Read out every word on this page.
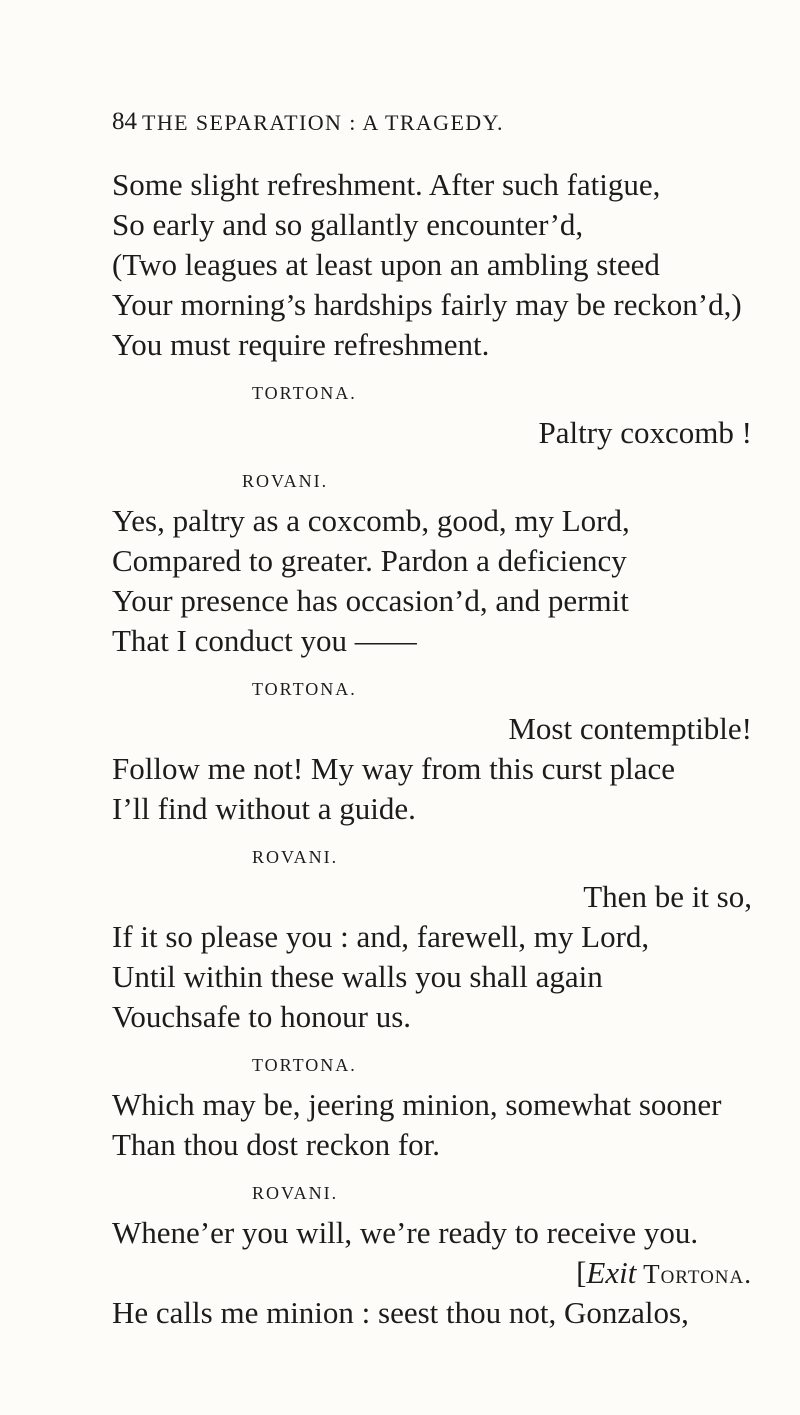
84 THE SEPARATION : A TRAGEDY.
Some slight refreshment. After such fatigue,
So early and so gallantly encounter’d,
(Two leagues at least upon an ambling steed
Your morning’s hardships fairly may be reckon’d,)
You must require refreshment.
TORTONA.
Paltry coxcomb !
ROVANI.
Yes, paltry as a coxcomb, good, my Lord,
Compared to greater. Pardon a deficiency
Your presence has occasion’d, and permit
That I conduct you ——
TORTONA.
Most contemptible!
Follow me not! My way from this curst place
I’ll find without a guide.
ROVANI.
Then be it so,
If it so please you : and, farewell, my Lord,
Until within these walls you shall again
Vouchsafe to honour us.
TORTONA.
Which may be, jeering minion, somewhat sooner
Than thou dost reckon for.
ROVANI.
Whene’er you will, we’re ready to receive you.
[Exit Tortona.
He calls me minion : seest thou not, Gonzalos,
